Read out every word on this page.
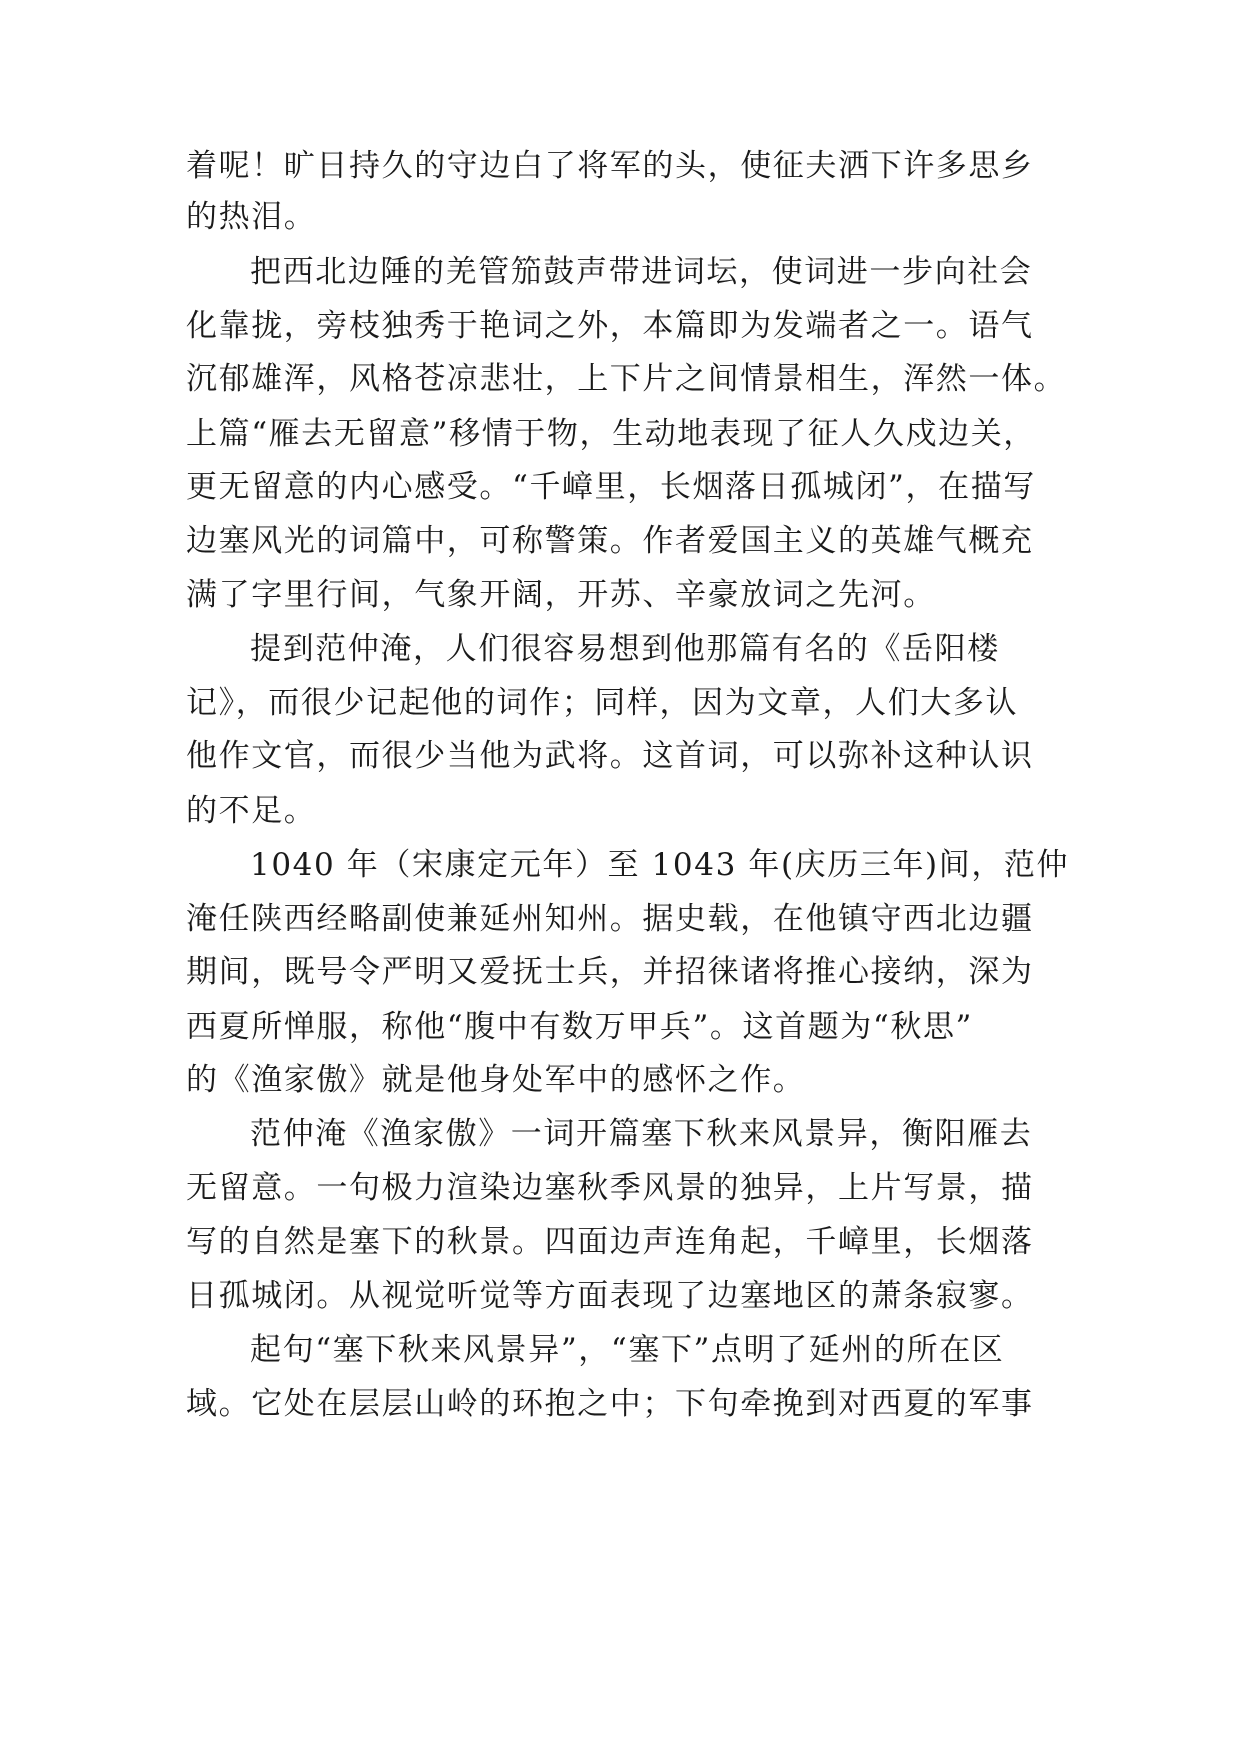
着呢！旷日持久的守边白了将军的头，使征夫洒下许多思乡
的热泪。
把西北边陲的羌管笳鼓声带进词坛，使词进一步向社会
化靠拢，旁枝独秀于艳词之外，本篇即为发端者之一。语气
沉郁雄浑，风格苍凉悲壮，上下片之间情景相生，浑然一体。
上篇“雁去无留意”移情于物，生动地表现了征人久戍边关，
更无留意的内心感受。“千嶂里，长烟落日孤城闭”，在描写
边塞风光的词篇中，可称警策。作者爱国主义的英雄气概充
满了字里行间，气象开阔，开苏、辛豪放词之先河。
提到范仲淹，人们很容易想到他那篇有名的《岳阳楼
记》，而很少记起他的词作；同样，因为文章，人们大多认
他作文官，而很少当他为武将。这首词，可以弥补这种认识
的不足。
1040 年（宋康定元年）至 1043 年(庆历三年)间，范仲
淹任陕西经略副使兼延州知州。据史载，在他镇守西北边疆
期间，既号令严明又爱抚士兵，并招徕诸将推心接纳，深为
西夏所惮服，称他“腹中有数万甲兵”。这首题为“秋思”
的《渔家傲》就是他身处军中的感怀之作。
范仲淹《渔家傲》一词开篇塞下秋来风景异，衡阳雁去
无留意。一句极力渲染边塞秋季风景的独异，上片写景，描
写的自然是塞下的秋景。四面边声连角起，千嶂里，长烟落
日孤城闭。从视觉听觉等方面表现了边塞地区的萧条寂寥。
起句“塞下秋来风景异”，“塞下”点明了延州的所在区
域。它处在层层山岭的环抱之中；下句牵挽到对西夏的军事
